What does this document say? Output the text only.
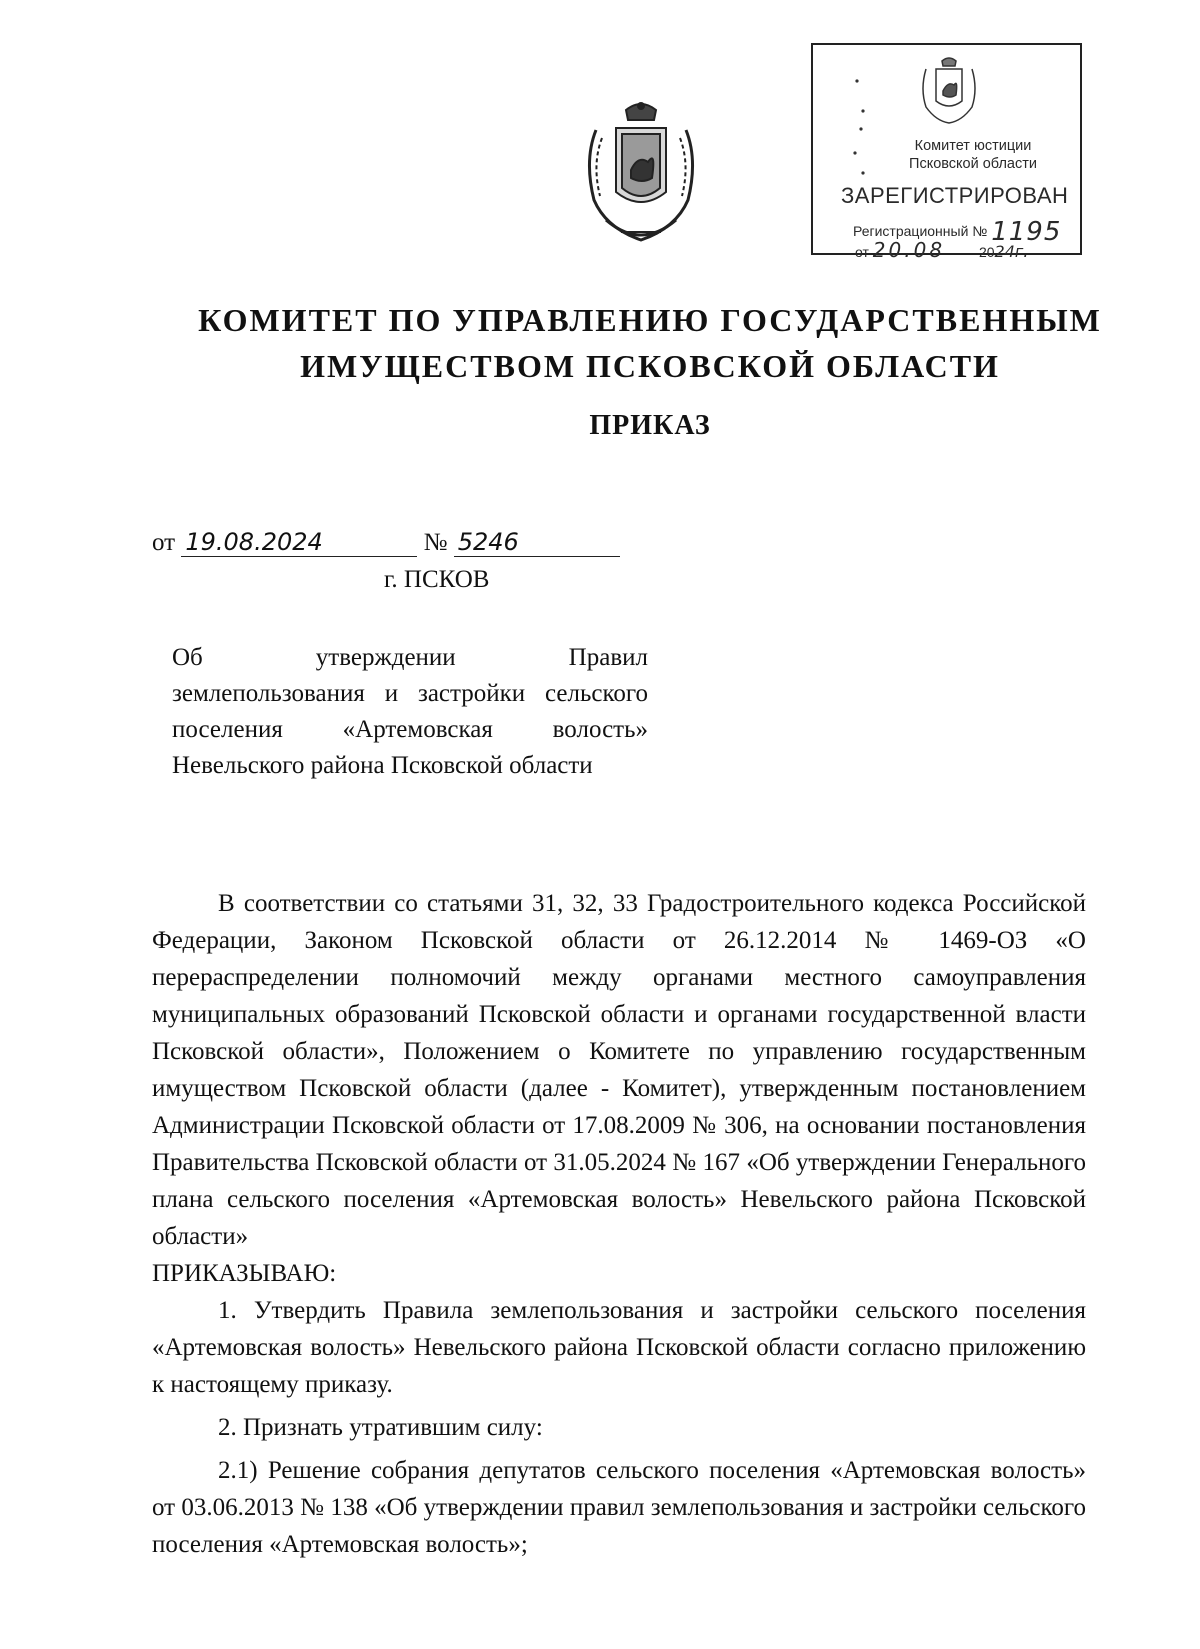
Комитет юстиции
Псковской области
ЗАРЕГИСТРИРОВАН
Регистрационный № 1195
от 20.08 2024г.
КОМИТЕТ ПО УПРАВЛЕНИЮ ГОСУДАРСТВЕННЫМ
ИМУЩЕСТВОМ ПСКОВСКОЙ ОБЛАСТИ
ПРИКАЗ
от 19.08.2024	№ 5246
г. ПСКОВ
Об утверждении Правил
землепользования и застройки сельского
поселения «Артемовская волость»
Невельского района Псковской области

В соответствии со статьями 31, 32, 33 Градостроительного кодекса Российской Федерации, Законом Псковской области от 26.12.2014 № 1469-ОЗ «О перераспределении полномочий между органами местного самоуправления муниципальных образований Псковской области и органами государственной власти Псковской области», Положением о Комитете по управлению государственным имуществом Псковской области (далее - Комитет), утвержденным постановлением Администрации Псковской области от 17.08.2009 № 306, на основании постановления Правительства Псковской области от 31.05.2024 № 167 «Об утверждении Генерального плана сельского поселения «Артемовская волость» Невельского района Псковской области»

ПРИКАЗЫВАЮ:

1. Утвердить Правила землепользования и застройки сельского поселения «Артемовская волость» Невельского района Псковской области согласно приложению к настоящему приказу.

2. Признать утратившим силу:

2.1) Решение собрания депутатов сельского поселения «Артемовская волость» от 03.06.2013 № 138 «Об утверждении правил землепользования и застройки сельского поселения «Артемовская волость»;
